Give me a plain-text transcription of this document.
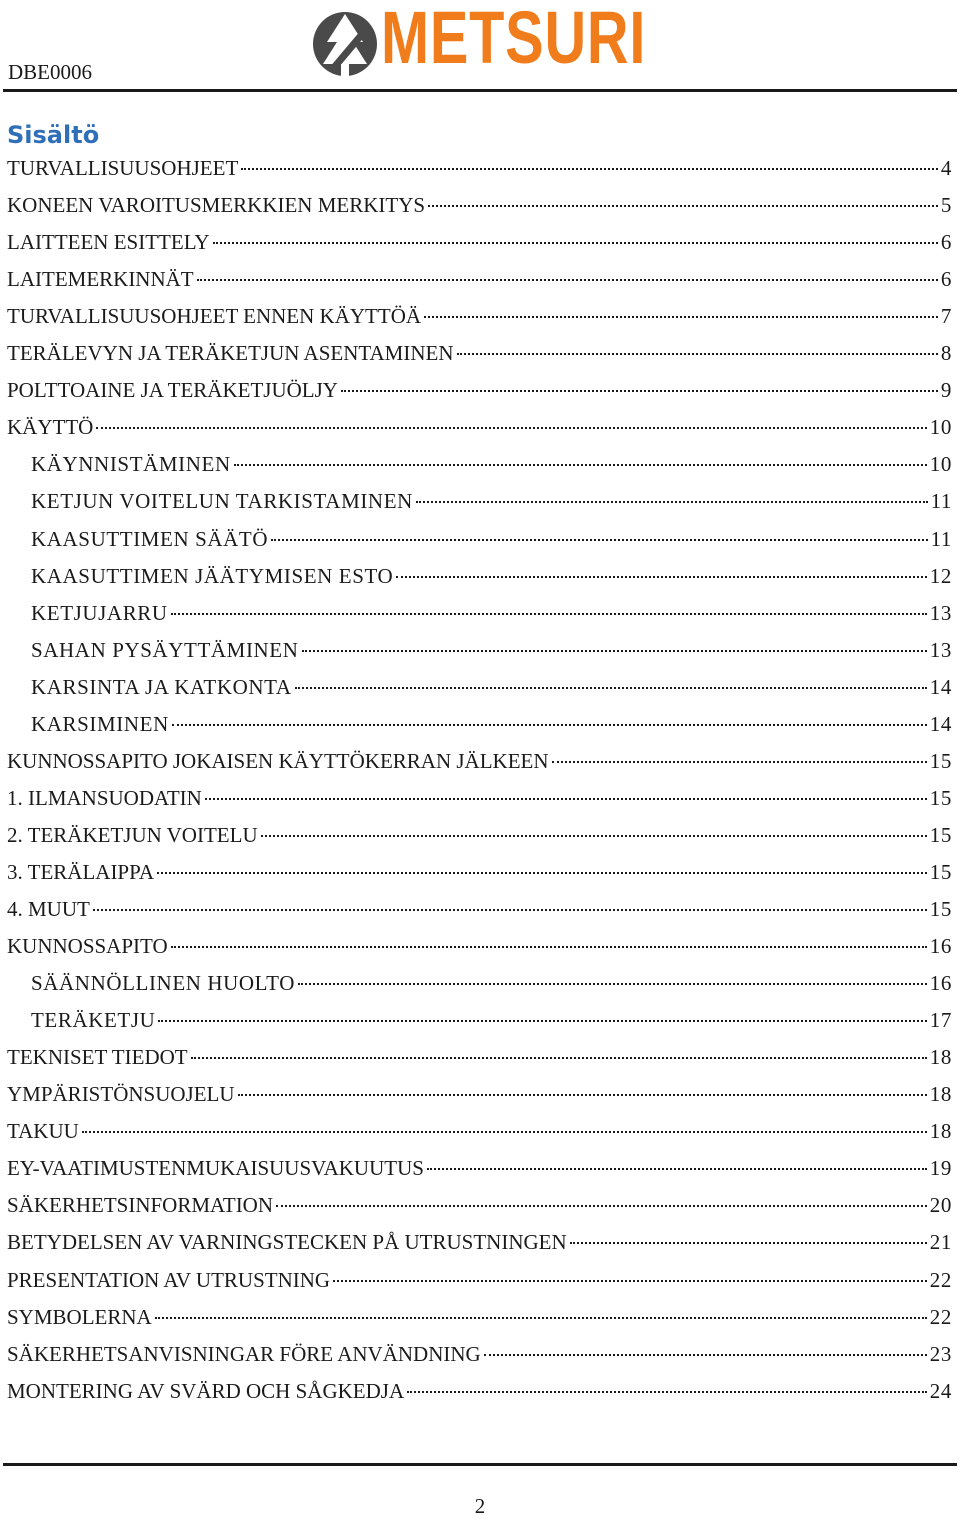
DBE0006	METSURI
Sisältö
TURVALLISUUSOHJEET	4
KONEEN VAROITUSMERKKIEN MERKITYS	5
LAITTEEN ESITTELY	6
LAITEMERKINNÄT	6
TURVALLISUUSOHJEET ENNEN KÄYTTÖÄ	7
TERÄLEVYN JA TERÄKETJUN ASENTAMINEN	8
POLTTOAINE JA TERÄKETJUÖLJY	9
KÄYTTÖ	10
KÄYNNISTÄMINEN	10
KETJUN VOITELUN TARKISTAMINEN	11
KAASUTTIMEN SÄÄTÖ	11
KAASUTTIMEN JÄÄTYMISEN ESTO	12
KETJUJARRU	13
SAHAN PYSÄYTTÄMINEN	13
KARSINTA JA KATKONTA	14
KARSIMINEN	14
KUNNOSSAPITO JOKAISEN KÄYTTÖKERRAN JÄLKEEN	15
1. ILMANSUODATIN	15
2. TERÄKETJUN VOITELU	15
3. TERÄLAIPPA	15
4. MUUT	15
KUNNOSSAPITO	16
SÄÄNNÖLLINEN HUOLTO	16
TERÄKETJU	17
TEKNISET TIEDOT	18
YMPÄRISTÖNSUOJELU	18
TAKUU	18
EY-VAATIMUSTENMUKAISUUSVAKUUTUS	19
SÄKERHETSINFORMATION	20
BETYDELSEN AV VARNINGSTECKEN PÅ UTRUSTNINGEN	21
PRESENTATION AV UTRUSTNING	22
SYMBOLERNA	22
SÄKERHETSANVISNINGAR FÖRE ANVÄNDNING	23
MONTERING AV SVÄRD OCH SÅGKEDJA	24
2
